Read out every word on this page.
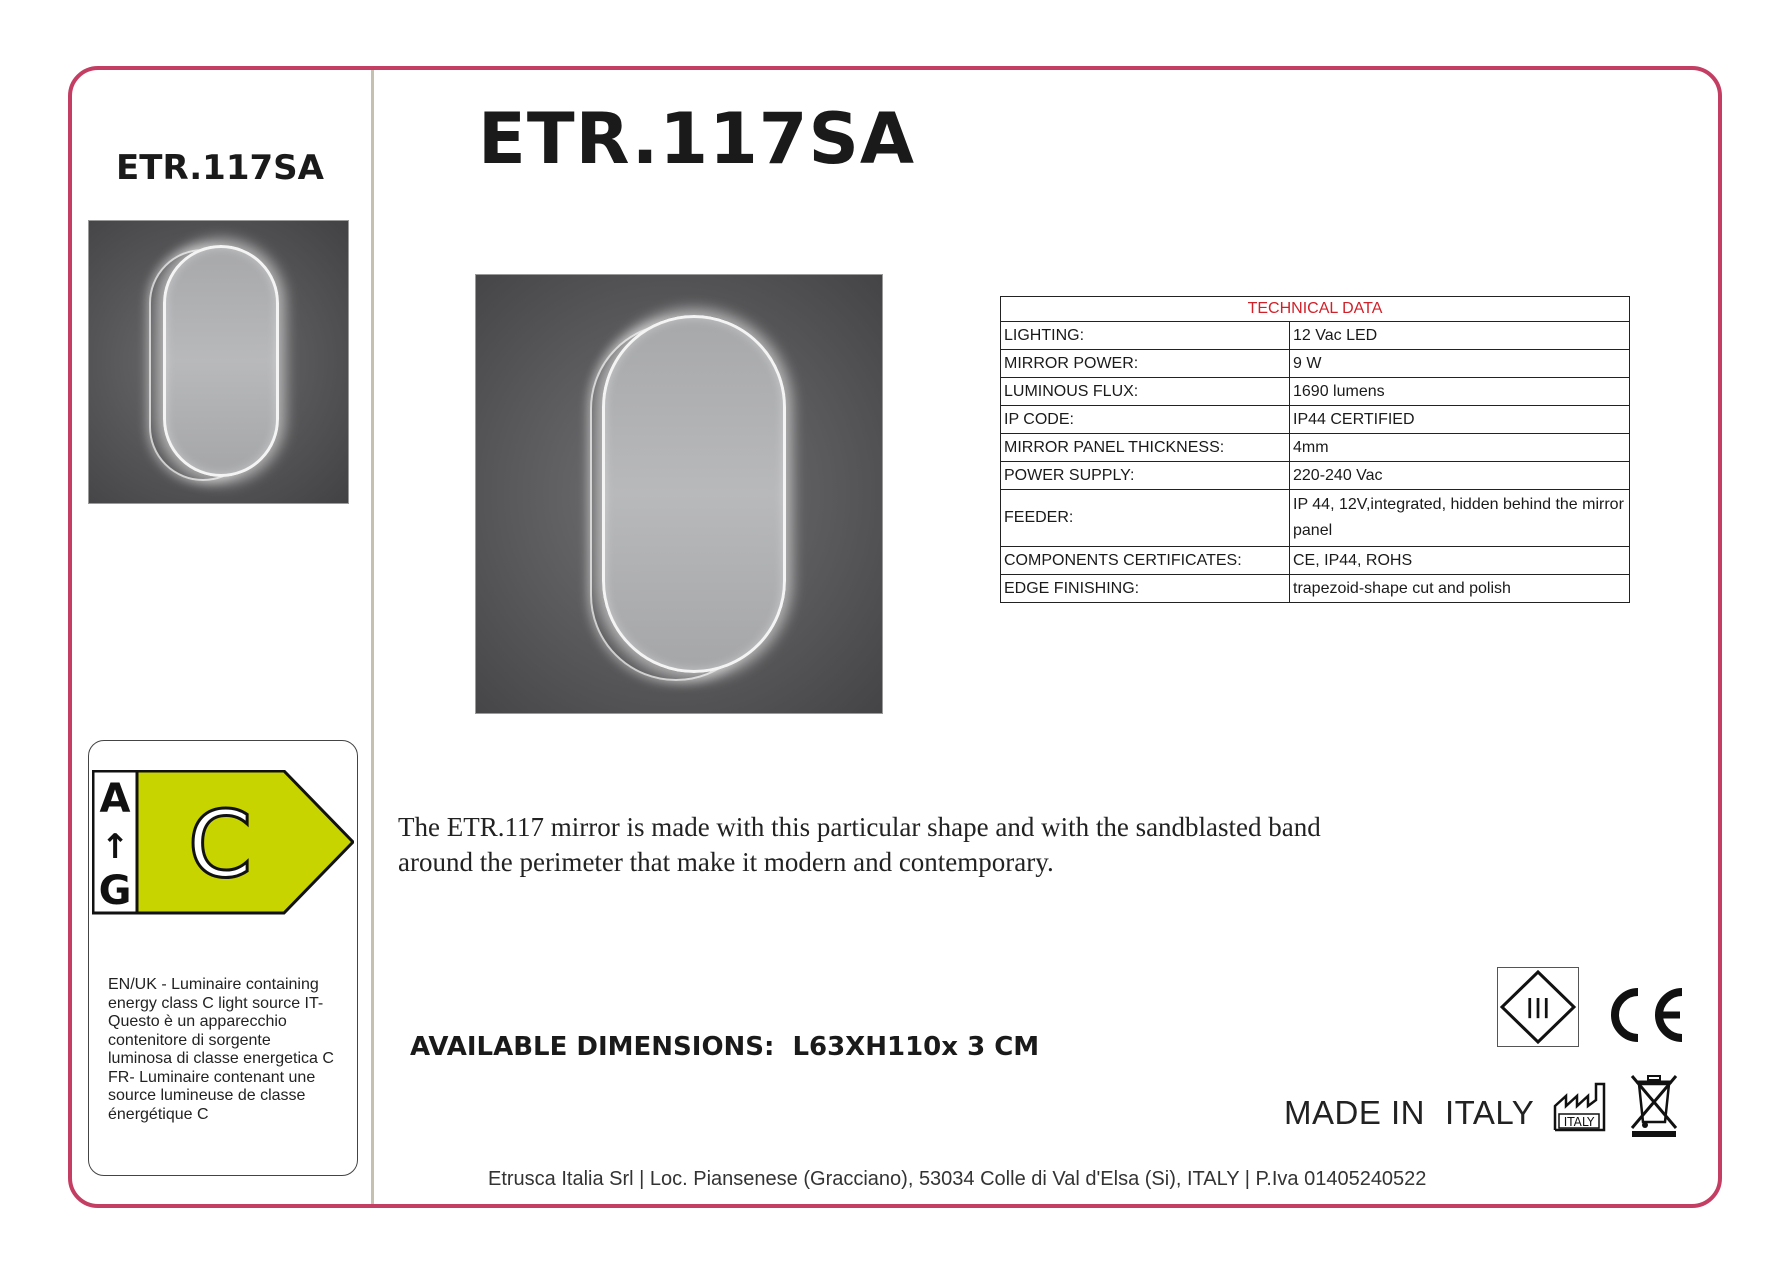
ETR.117SA
A
↑
G C
EN/UK - Luminaire containing
energy class C light source IT-
Questo è un apparecchio
contenitore di sorgente
luminosa di classe energetica C
FR- Luminaire contenant une
source lumineuse de classe
énergétique C
ETR.117SA
TECHNICAL DATA	
LIGHTING:	12 Vac LED
MIRROR POWER:	9 W
LUMINOUS FLUX:	1690 lumens
IP CODE:	IP44 CERTIFIED
MIRROR PANEL THICKNESS:	4mm
POWER SUPPLY:	220-240 Vac
FEEDER:	IP 44, 12V,integrated, hidden behind the mirror panel
COMPONENTS CERTIFICATES:	CE, IP44, ROHS
EDGE FINISHING:	trapezoid-shape cut and polish
The ETR.117 mirror is made with this particular shape and with the sandblasted band
around the perimeter that make it modern and contemporary.
AVAILABLE DIMENSIONS: L63XH110x 3 CM
III
MADE IN ITALY ITALY
Etrusca Italia Srl | Loc. Piansenese (Gracciano), 53034 Colle di Val d'Elsa (Si), ITALY | P.Iva 01405240522
